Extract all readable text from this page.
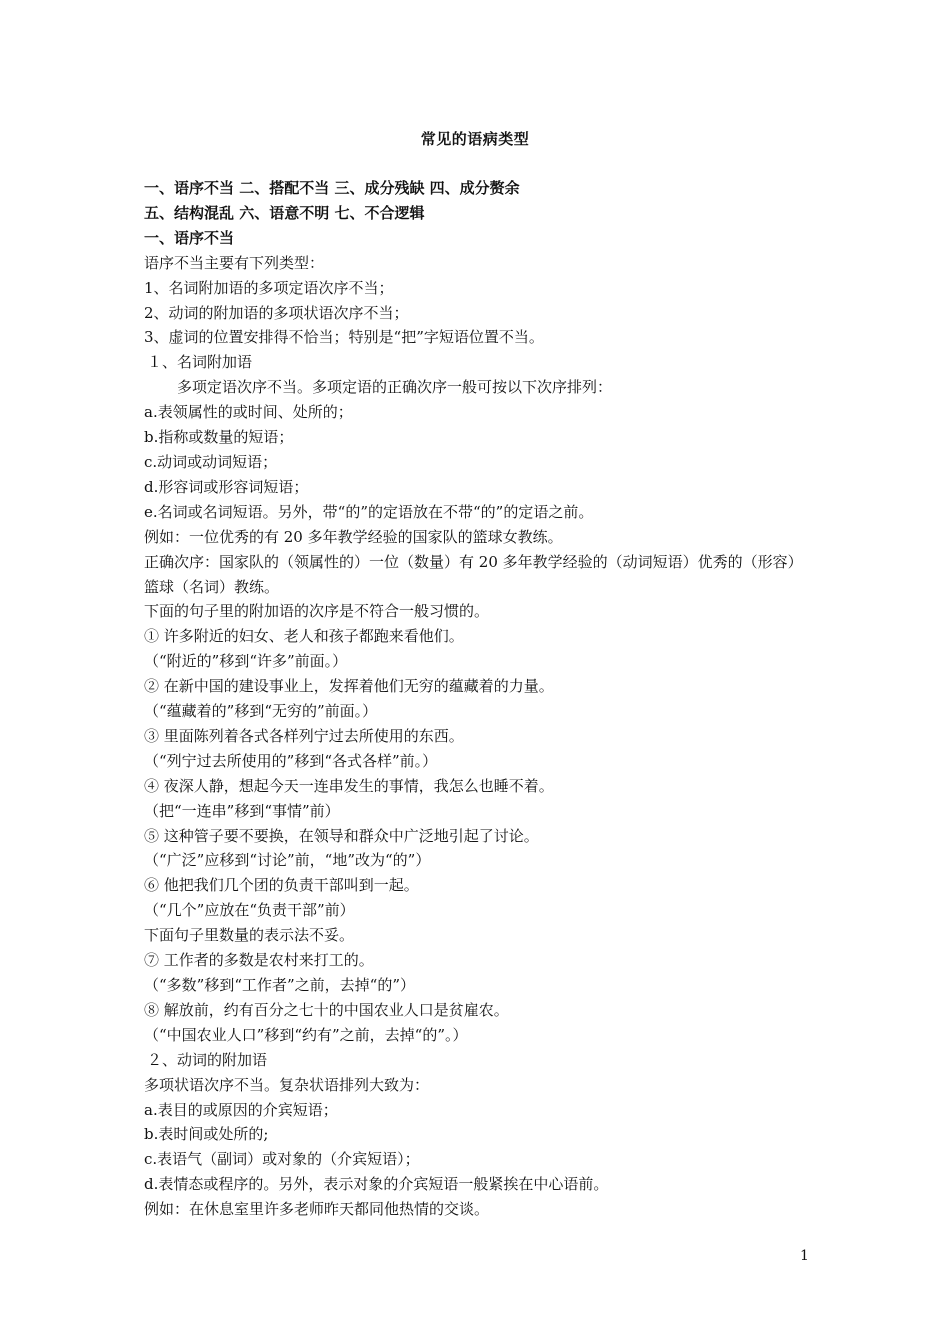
常见的语病类型

一、语序不当 二、搭配不当 三、成分残缺 四、成分赘余

五、结构混乱 六、语意不明 七、不合逻辑

一、语序不当

语序不当主要有下列类型：

1、名词附加语的多项定语次序不当；

2、动词的附加语的多项状语次序不当；

3、虚词的位置安排得不恰当；特别是“把”字短语位置不当。

１、名词附加语

多项定语次序不当。多项定语的正确次序一般可按以下次序排列：

a.表领属性的或时间、处所的；

b.指称或数量的短语；

c.动词或动词短语；

d.形容词或形容词短语；

e.名词或名词短语。另外，带“的”的定语放在不带“的”的定语之前。

例如：一位优秀的有 20 多年教学经验的国家队的篮球女教练。

正确次序：国家队的（领属性的）一位（数量）有 20 多年教学经验的（动词短语）优秀的（形容）篮球（名词）教练。

下面的句子里的附加语的次序是不符合一般习惯的。

① 许多附近的妇女、老人和孩子都跑来看他们。

（“附近的”移到“许多”前面。）

② 在新中国的建设事业上，发挥着他们无穷的蕴藏着的力量。

（“蕴藏着的”移到“无穷的”前面。）

③ 里面陈列着各式各样列宁过去所使用的东西。

（“列宁过去所使用的”移到“各式各样”前。）

④ 夜深人静，想起今天一连串发生的事情，我怎么也睡不着。

（把“一连串”移到“事情”前）

⑤ 这种管子要不要换，在领导和群众中广泛地引起了讨论。

（“广泛”应移到“讨论”前，“地”改为“的”）

⑥ 他把我们几个团的负责干部叫到一起。

（“几个”应放在“负责干部”前）

下面句子里数量的表示法不妥。

⑦ 工作者的多数是农村来打工的。

（“多数”移到“工作者”之前，去掉“的”）

⑧ 解放前，约有百分之七十的中国农业人口是贫雇农。

（“中国农业人口”移到“约有”之前，去掉“的”。）

２、动词的附加语

多项状语次序不当。复杂状语排列大致为：

a.表目的或原因的介宾短语；

b.表时间或处所的;

c.表语气（副词）或对象的（介宾短语）；

d.表情态或程序的。另外，表示对象的介宾短语一般紧挨在中心语前。

例如：在休息室里许多老师昨天都同他热情的交谈。

1
